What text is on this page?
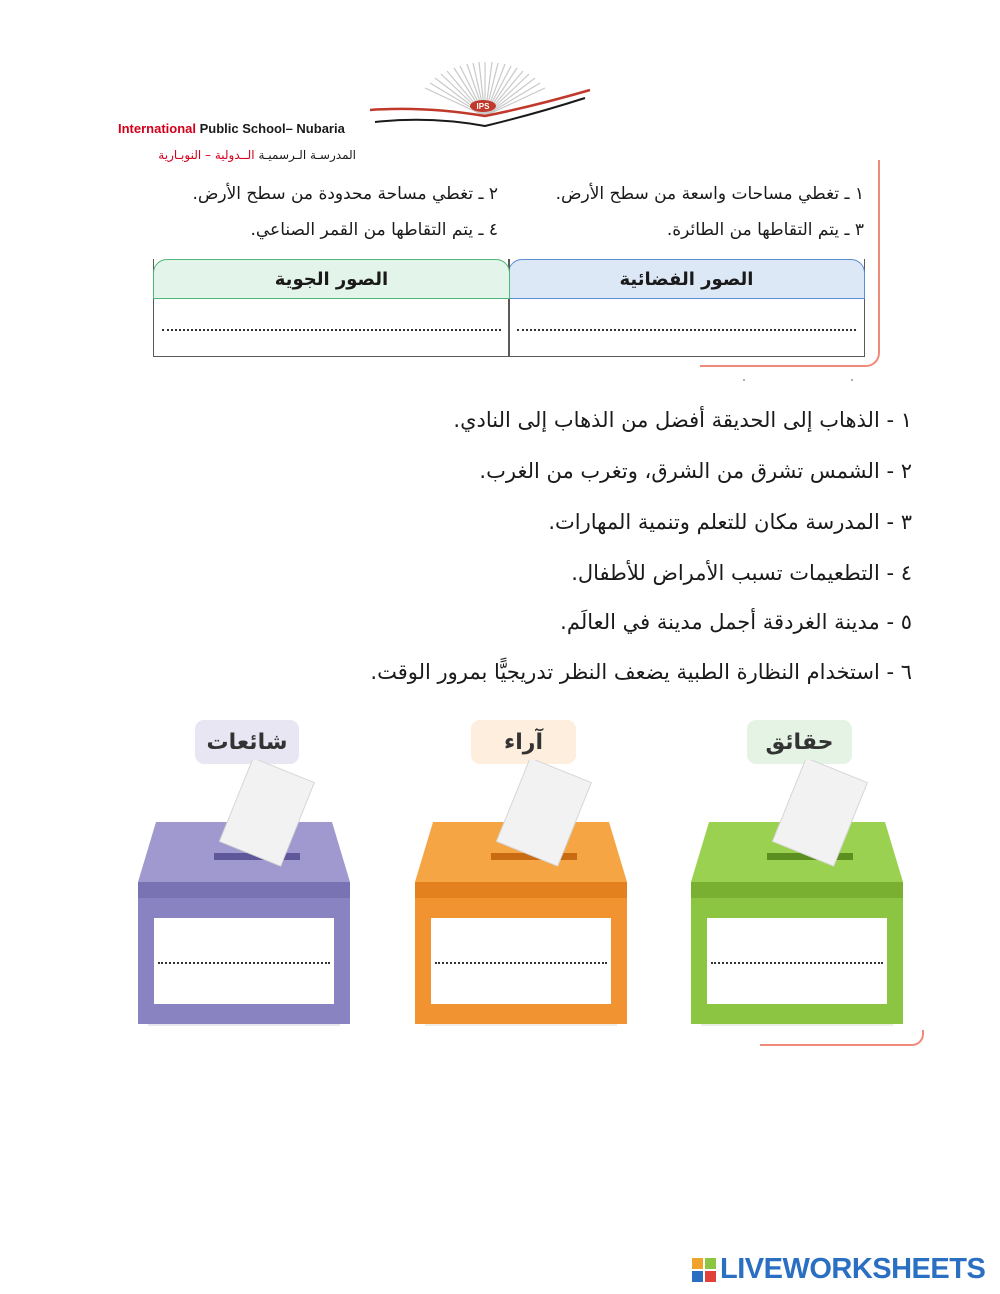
IPS
International Public School– Nubaria
المدرسـة الـرسميـة الــدولية – النوبـارية
١ ـ تغطي مساحات واسعة من سطح الأرض.
٢ ـ تغطي مساحة محدودة من سطح الأرض.
٣ ـ يتم التقاطها من الطائرة.
٤ ـ يتم التقاطها من القمر الصناعي.
الصور الفضائية
الصور الجوية
١ - الذهاب إلى الحديقة أفضل من الذهاب إلى النادي.
٢ - الشمس تشرق من الشرق، وتغرب من الغرب.
٣ - المدرسة مكان للتعلم وتنمية المهارات.
٤ - التطعيمات تسبب الأمراض للأطفال.
٥ - مدينة الغردقة أجمل مدينة في العالَم.
٦ - استخدام النظارة الطبية يضعف النظر تدريجيًّا بمرور الوقت.
شائعات	آراء	حقائق
LIVEWORKSHEETS
